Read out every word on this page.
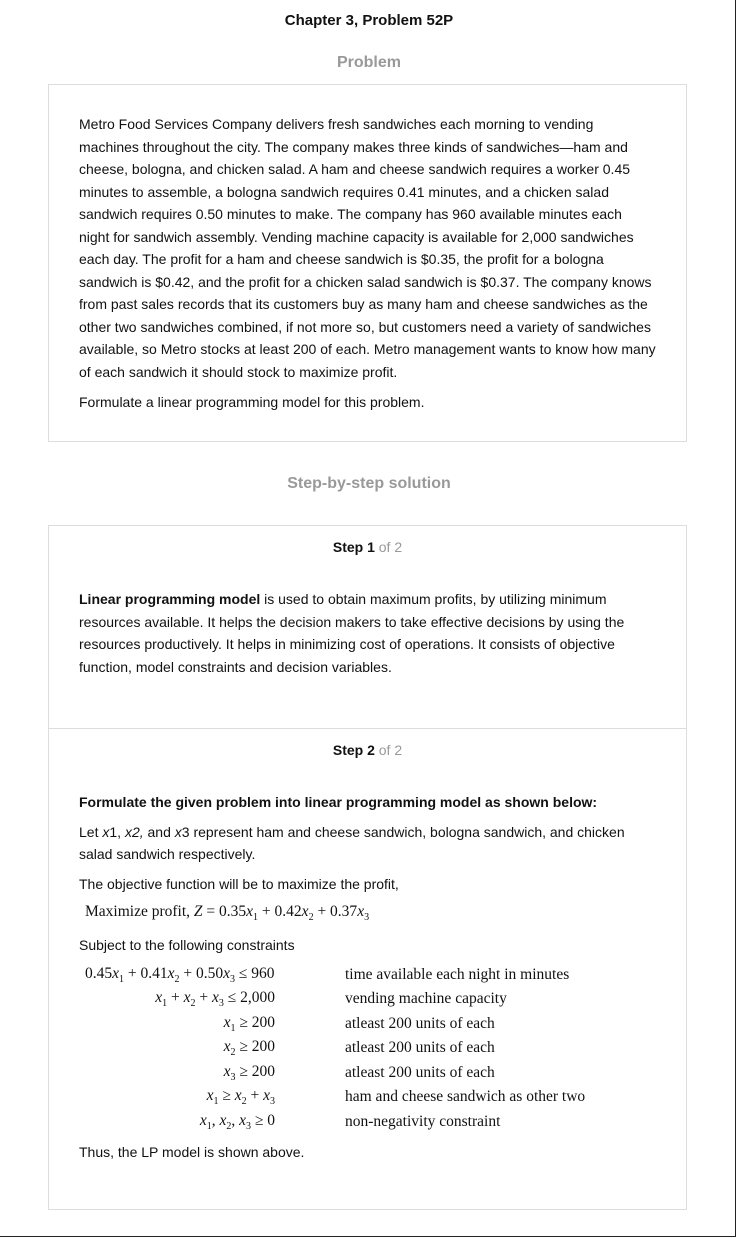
Chapter 3, Problem 52P
Problem

Metro Food Services Company delivers fresh sandwiches each morning to vending machines throughout the city. The company makes three kinds of sandwiches—ham and cheese, bologna, and chicken salad. A ham and cheese sandwich requires a worker 0.45 minutes to assemble, a bologna sandwich requires 0.41 minutes, and a chicken salad sandwich requires 0.50 minutes to make. The company has 960 available minutes each night for sandwich assembly. Vending machine capacity is available for 2,000 sandwiches each day. The profit for a ham and cheese sandwich is $0.35, the profit for a bologna sandwich is $0.42, and the profit for a chicken salad sandwich is $0.37. The company knows from past sales records that its customers buy as many ham and cheese sandwiches as the other two sandwiches combined, if not more so, but customers need a variety of sandwiches available, so Metro stocks at least 200 of each. Metro management wants to know how many of each sandwich it should stock to maximize profit.

Formulate a linear programming model for this problem.

Step-by-step solution
Step 1 of 2

Linear programming model is used to obtain maximum profits, by utilizing minimum resources available. It helps the decision makers to take effective decisions by using the resources productively. It helps in minimizing cost of operations. It consists of objective function, model constraints and decision variables.

Step 2 of 2

Formulate the given problem into linear programming model as shown below:

Let x1, x2, and x3 represent ham and cheese sandwich, bologna sandwich, and chicken salad sandwich respectively.

The objective function will be to maximize the profit,

Maximize profit, $Z = 0.35x_1 + 0.42x_2 + 0.37x_3$

Subject to the following constraints

$0.45x_1 + 0.41x_2 + 0.50x_3 \le 960$	time available each night in minutes
$x_1 + x_2 + x_3 \le 2,000$	vending machine capacity
$x_1 \ge 200$	atleast 200 units of each
$x_2 \ge 200$	atleast 200 units of each
$x_3 \ge 200$	atleast 200 units of each
$x_1 \ge x_2 + x_3$	ham and cheese sandwich as other two
$x_1$, $x_2$, $x_3 \ge 0$	non-negativity constraint

Thus, the LP model is shown above.
